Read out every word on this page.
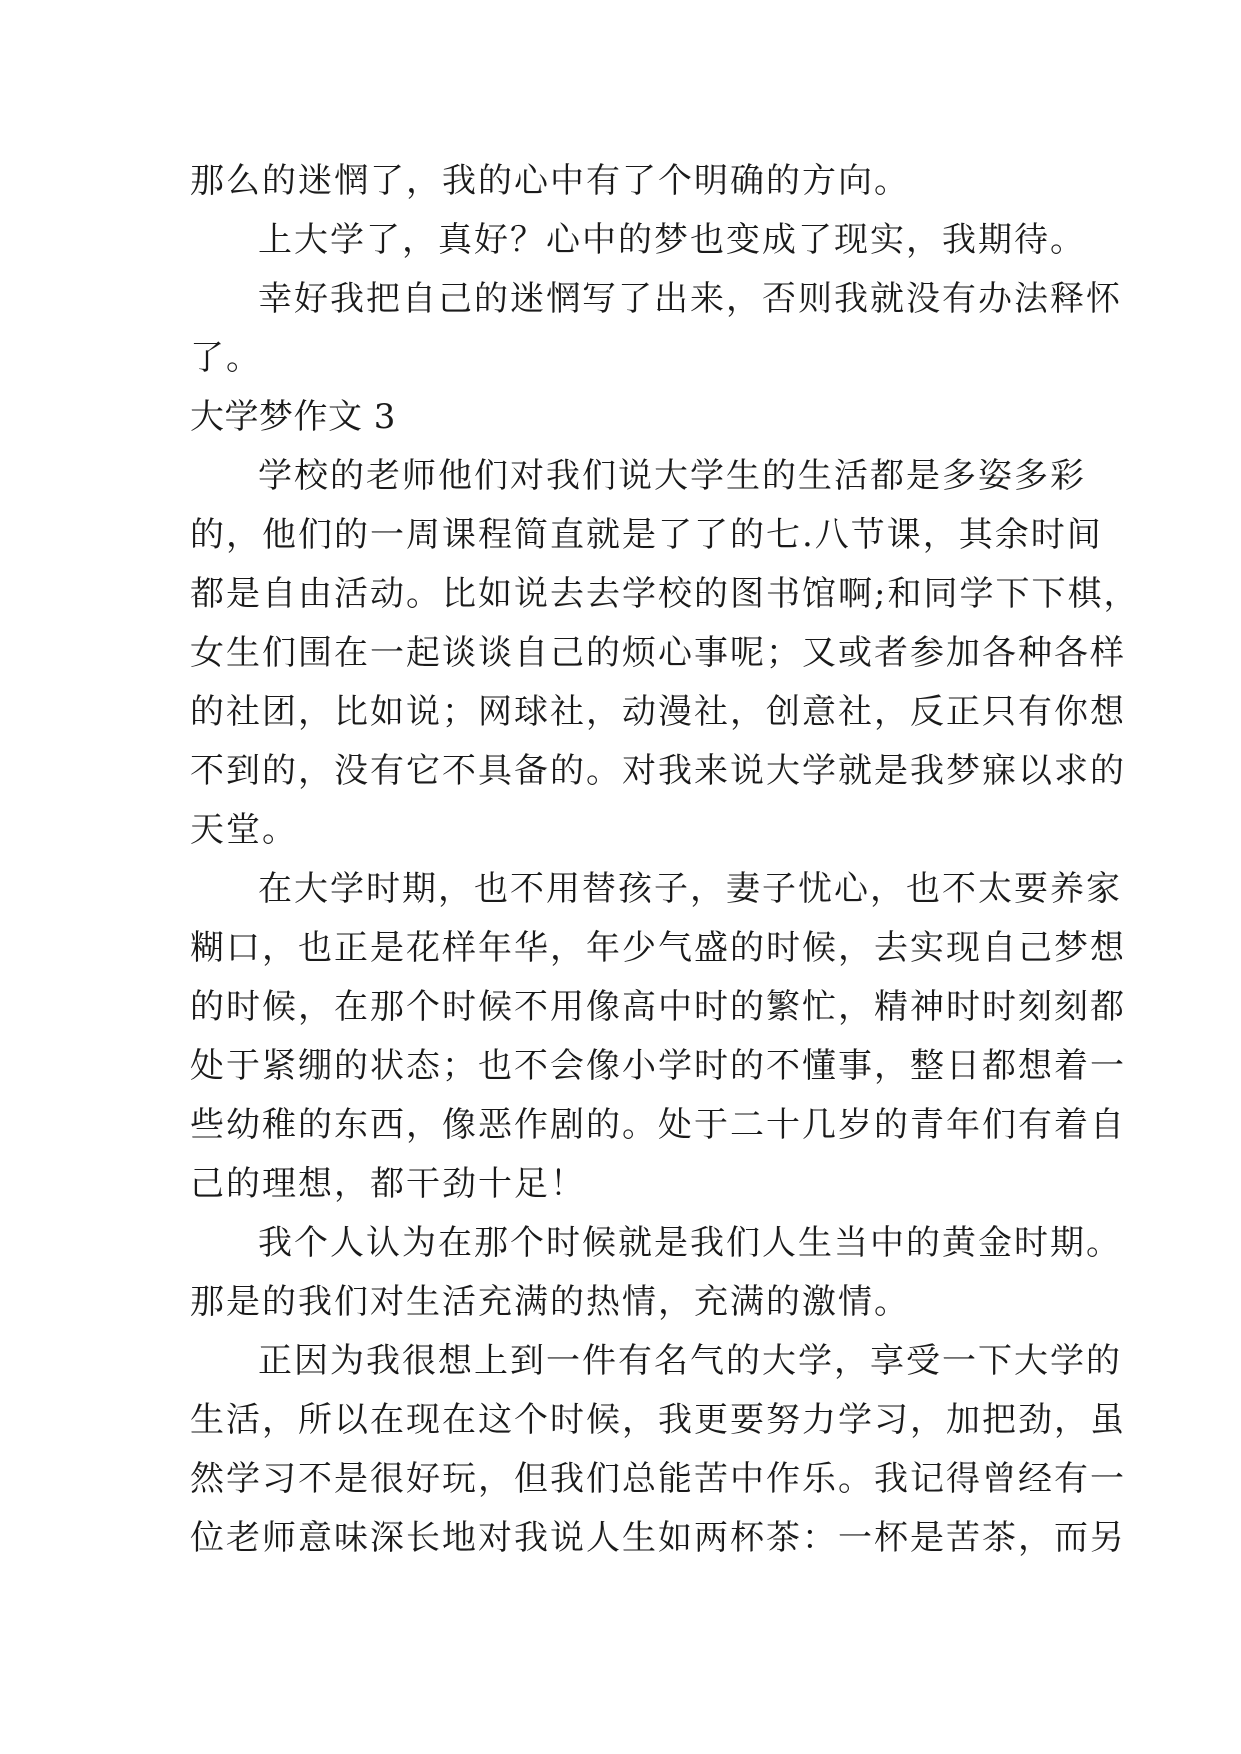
那么的迷惘了，我的心中有了个明确的方向。
上大学了，真好？心中的梦也变成了现实，我期待。
幸好我把自己的迷惘写了出来，否则我就没有办法释怀
了。
大学梦作文 3
学校的老师他们对我们说大学生的生活都是多姿多彩
的，他们的一周课程简直就是了了的七.八节课，其余时间
都是自由活动。比如说去去学校的图书馆啊;和同学下下棋，
女生们围在一起谈谈自己的烦心事呢；又或者参加各种各样
的社团，比如说；网球社，动漫社，创意社，反正只有你想
不到的，没有它不具备的。对我来说大学就是我梦寐以求的
天堂。
在大学时期，也不用替孩子，妻子忧心，也不太要养家
糊口，也正是花样年华，年少气盛的时候，去实现自己梦想
的时候，在那个时候不用像高中时的繁忙，精神时时刻刻都
处于紧绷的状态；也不会像小学时的不懂事，整日都想着一
些幼稚的东西，像恶作剧的。处于二十几岁的青年们有着自
己的理想，都干劲十足！
我个人认为在那个时候就是我们人生当中的黄金时期。
那是的我们对生活充满的热情，充满的激情。
正因为我很想上到一件有名气的大学，享受一下大学的
生活，所以在现在这个时候，我更要努力学习，加把劲，虽
然学习不是很好玩，但我们总能苦中作乐。我记得曾经有一
位老师意味深长地对我说人生如两杯茶：一杯是苦茶，而另
